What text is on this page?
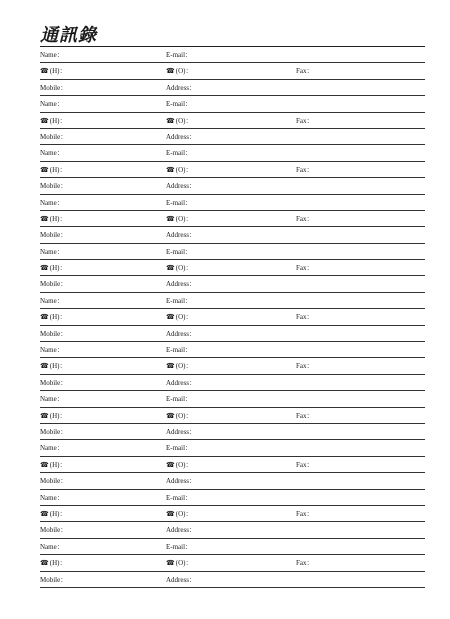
通訊錄
Name：	E-mail：
☎(H)：	☎(O)：	Fax：
Mobile：	Address：
Name：	E-mail：
☎(H)：	☎(O)：	Fax：
Mobile：	Address：
Name：	E-mail：
☎(H)：	☎(O)：	Fax：
Mobile：	Address：
Name：	E-mail：
☎(H)：	☎(O)：	Fax：
Mobile：	Address：
Name：	E-mail：
☎(H)：	☎(O)：	Fax：
Mobile：	Address：
Name：	E-mail：
☎(H)：	☎(O)：	Fax：
Mobile：	Address：
Name：	E-mail：
☎(H)：	☎(O)：	Fax：
Mobile：	Address：
Name：	E-mail：
☎(H)：	☎(O)：	Fax：
Mobile：	Address：
Name：	E-mail：
☎(H)：	☎(O)：	Fax：
Mobile：	Address：
Name：	E-mail：
☎(H)：	☎(O)：	Fax：
Mobile：	Address：
Name：	E-mail：
☎(H)：	☎(O)：	Fax：
Mobile：	Address：
